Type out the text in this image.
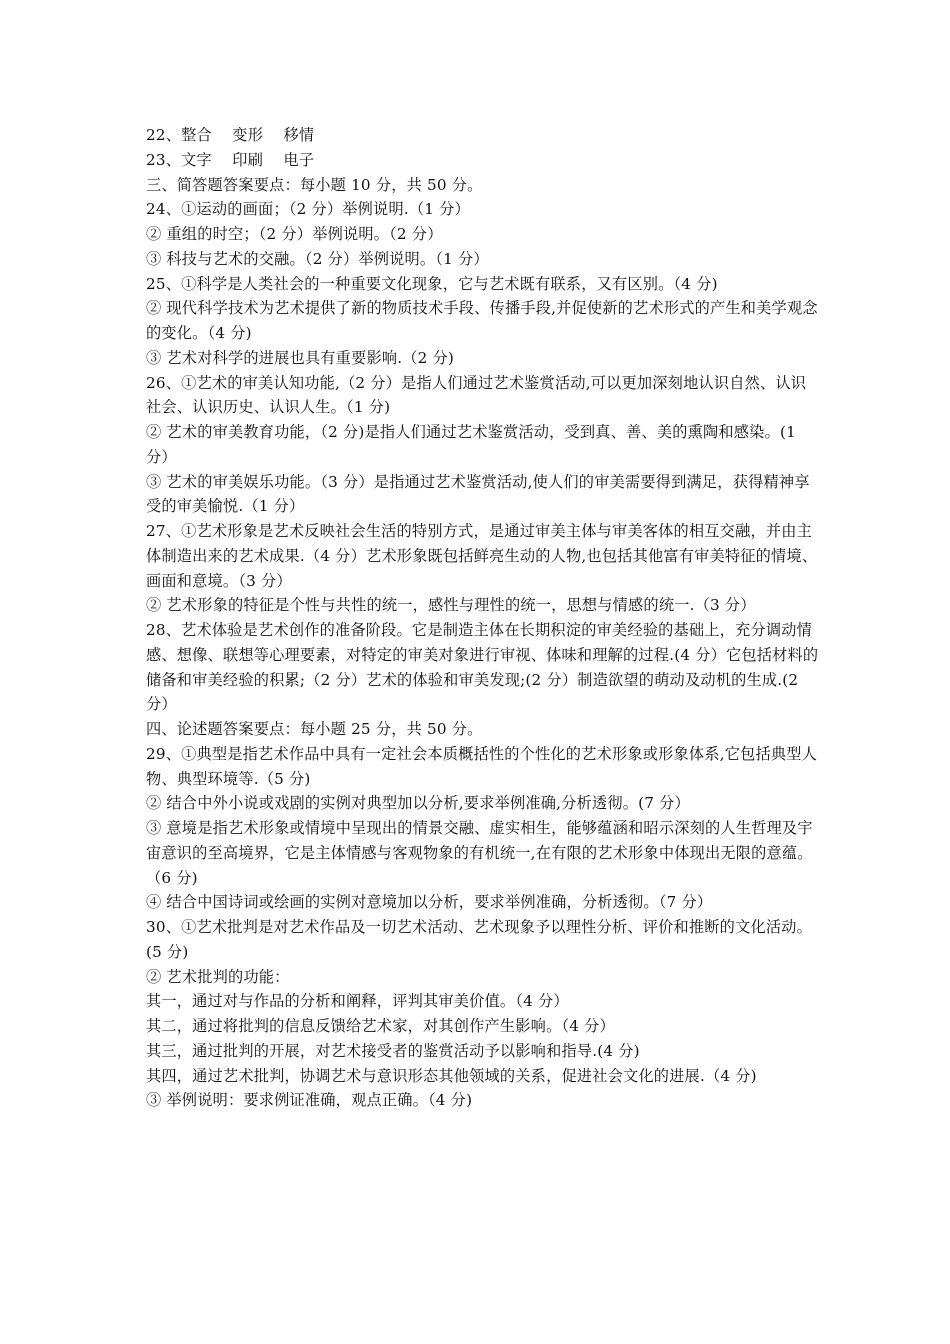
22、整合　 变形　 移情
23、文字　 印刷　 电子
三、简答题答案要点：每小题 10 分，共 50 分。
24、①运动的画面；（2 分）举例说明.（1 分）
② 重组的时空；（2 分）举例说明。（2 分）
③ 科技与艺术的交融。（2 分）举例说明。（1 分）
25、①科学是人类社会的一种重要文化现象，它与艺术既有联系，又有区别。（4 分)
② 现代科学技术为艺术提供了新的物质技术手段、传播手段,并促使新的艺术形式的产生和美学观念的变化。（4 分)
③ 艺术对科学的进展也具有重要影响.（2 分)
26、①艺术的审美认知功能,（2 分）是指人们通过艺术鉴赏活动,可以更加深刻地认识自然、认识社会、认识历史、认识人生。（1 分)
② 艺术的审美教育功能，（2 分)是指人们通过艺术鉴赏活动，受到真、善、美的熏陶和感染。(1 分）
③ 艺术的审美娱乐功能。（3 分）是指通过艺术鉴赏活动,使人们的审美需要得到满足，获得精神享受的审美愉悦.（1 分）
27、①艺术形象是艺术反映社会生活的特别方式，是通过审美主体与审美客体的相互交融，并由主体制造出来的艺术成果.（4 分）艺术形象既包括鲜亮生动的人物,也包括其他富有审美特征的情境、画面和意境。（3 分）
② 艺术形象的特征是个性与共性的统一，感性与理性的统一，思想与情感的统一.（3 分）
28、艺术体验是艺术创作的准备阶段。它是制造主体在长期积淀的审美经验的基础上，充分调动情感、想像、联想等心理要素，对特定的审美对象进行审视、体味和理解的过程.(4 分）它包括材料的储备和审美经验的积累;（2 分）艺术的体验和审美发现;(2 分）制造欲望的萌动及动机的生成.(2 分）
四、论述题答案要点：每小题 25 分，共 50 分。
29、①典型是指艺术作品中具有一定社会本质概括性的个性化的艺术形象或形象体系,它包括典型人物、典型环境等.（5 分)
② 结合中外小说或戏剧的实例对典型加以分析,要求举例准确,分析透彻。(7 分）
③ 意境是指艺术形象或情境中呈现出的情景交融、虚实相生，能够蕴涵和昭示深刻的人生哲理及宇宙意识的至高境界，它是主体情感与客观物象的有机统一,在有限的艺术形象中体现出无限的意蕴。（6 分)
④ 结合中国诗词或绘画的实例对意境加以分析，要求举例准确，分析透彻。（7 分）
30、①艺术批判是对艺术作品及一切艺术活动、艺术现象予以理性分析、评价和推断的文化活动。(5 分)
② 艺术批判的功能：
其一，通过对与作品的分析和阐释，评判其审美价值。（4 分）
其二，通过将批判的信息反馈给艺术家，对其创作产生影响。（4 分）
其三，通过批判的开展，对艺术接受者的鉴赏活动予以影响和指导.(4 分)
其四，通过艺术批判，协调艺术与意识形态其他领域的关系，促进社会文化的进展.（4 分)
③ 举例说明：要求例证准确，观点正确。（4 分)
